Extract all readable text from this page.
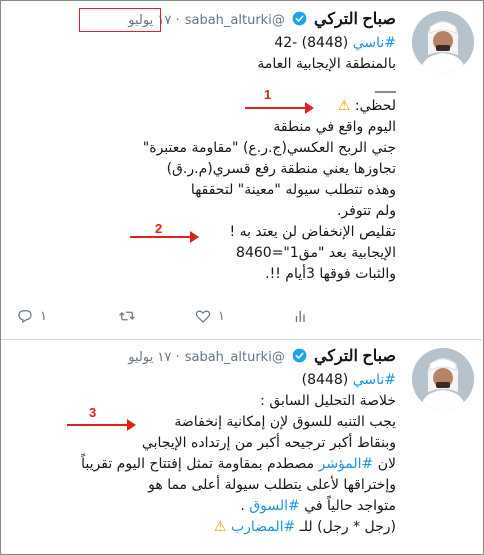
صباح التركي  @sabah_alturki · ١٧ يوليو
#ناسي (8448) -42
بالمنطقة الإيجابية العامة
___
لحظي: ⚠
اليوم واقع في منطقة
جني الربح العكسي(ج.ر.ع) "مقاومة معتبرة"
تجاوزها يعني منطقة رفع قسري(م.ر.ق)
وهذه تتطلب سيوله "معينة" لتحققها
ولم تتوفر.
تقليص الإنخفاض لن يعتد به !
الإيجابية بعد "مق1"=8460
والثبات فوقها 3أيام !!.
١	١
صباح التركي  @sabah_alturki · ١٧ يوليو
#ناسي (8448)
خلاصة التحليل السابق :
يجب التنبه للسوق لإن إمكانية إنخفاضة
وبنقاط أكبر ترجيحه أكبر من إرتداده الإيجابي
لان #المؤشر مصطدم بمقاومة تمثل إفتتاح اليوم تقريباً
وإختراقها لأعلى يتطلب سيولة أعلى مما هو
متواجد حالياً في #السوق .
(رجل * رجل) للـ #المضارب ⚠
1
2
3
